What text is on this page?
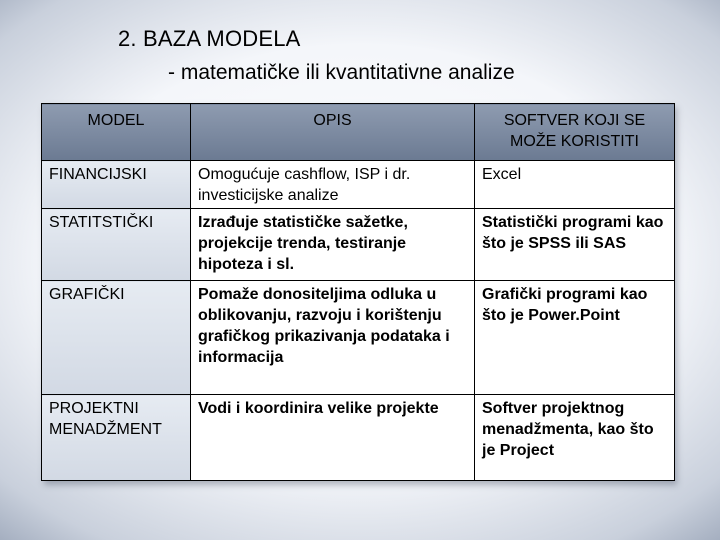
2. BAZA MODELA
- matematičke ili kvantitativne analize
MODEL	OPIS	SOFTVER KOJI SE MOŽE KORISTITI
FINANCIJSKI	Omogućuje cashflow, ISP i dr. investicijske analize	Excel
STATITSTIČKI	Izrađuje statističke sažetke, projekcije trenda, testiranje hipoteza i sl.	Statistički programi kao što je SPSS ili SAS
GRAFIČKI	Pomaže donositeljima odluka u oblikovanju, razvoju i korištenju grafičkog prikazivanja podataka i informacija	Grafički programi kao što je Power.Point
PROJEKTNI MENADŽMENT	Vodi i koordinira velike projekte	Softver projektnog menadžmenta, kao što je Project
